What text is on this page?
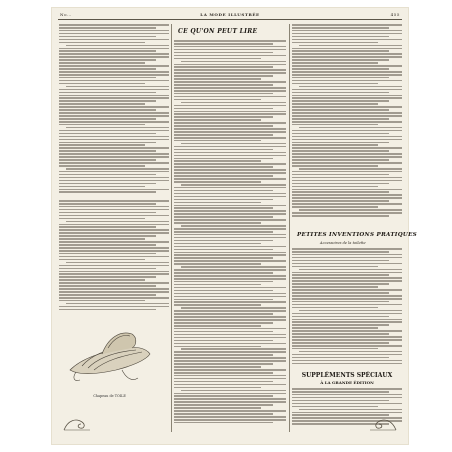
No…	LA MODE ILLUSTRÉE	455
Chapeau de TOILE
CE QU'ON PEUT LIRE
PETITES INVENTIONS PRATIQUES
Accessoires de la toilette
SUPPLÉMENTS SPÉCIAUX
À LA GRANDE ÉDITION
